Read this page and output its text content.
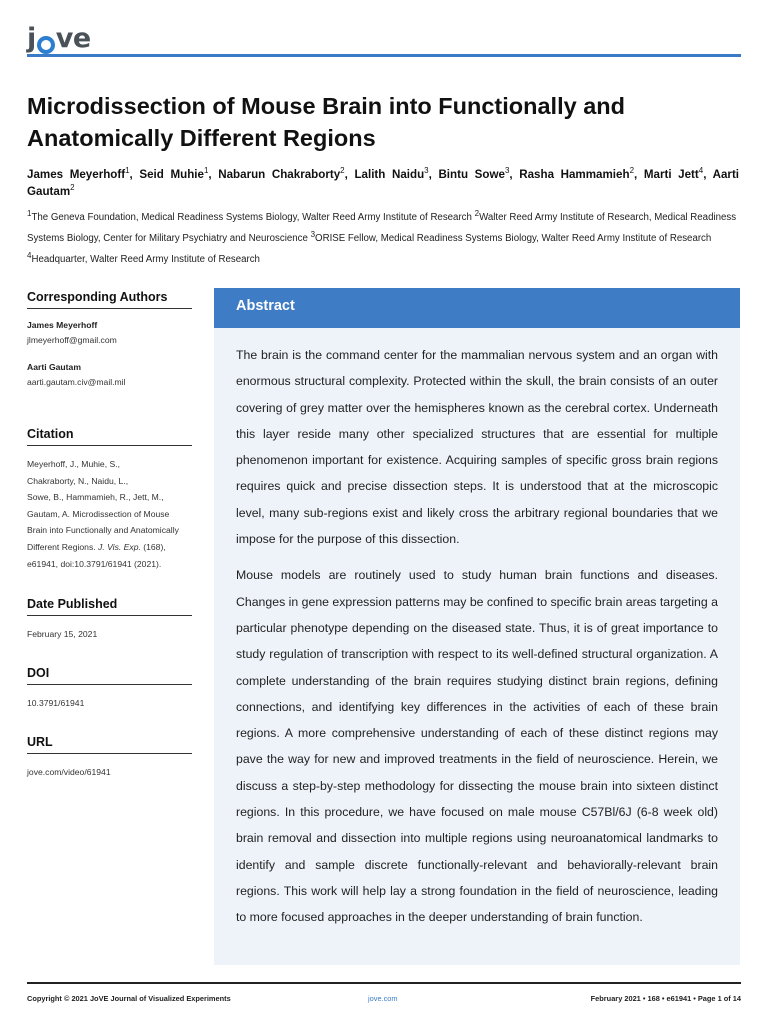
j ve
Microdissection of Mouse Brain into Functionally and Anatomically Different Regions
James Meyerhoff$^1$, Seid Muhie$^1$, Nabarun Chakraborty$^2$, Lalith Naidu$^3$, Bintu Sowe$^3$, Rasha Hammamieh$^2$, Marti Jett$^4$, Aarti Gautam$^2$
$^1$The Geneva Foundation, Medical Readiness Systems Biology, Walter Reed Army Institute of Research $^2$Walter Reed Army Institute of Research, Medical Readiness Systems Biology, Center for Military Psychiatry and Neuroscience $^3$ORISE Fellow, Medical Readiness Systems Biology, Walter Reed Army Institute of Research $^4$Headquarter, Walter Reed Army Institute of Research
Corresponding Authors
James Meyerhoff
jlmeyerhoff@gmail.com
Aarti Gautam
aarti.gautam.civ@mail.mil
Citation
Meyerhoff, J., Muhie, S.,
Chakraborty, N., Naidu, L.,
Sowe, B., Hammamieh, R., Jett, M.,
Gautam, A. Microdissection of Mouse
Brain into Functionally and Anatomically
Different Regions. J. Vis. Exp. (168),
e61941, doi:10.3791/61941 (2021).
Date Published
February 15, 2021
DOI
10.3791/61941
URL
jove.com/video/61941
Abstract

The brain is the command center for the mammalian nervous system and an organ with enormous structural complexity. Protected within the skull, the brain consists of an outer covering of grey matter over the hemispheres known as the cerebral cortex. Underneath this layer reside many other specialized structures that are essential for multiple phenomenon important for existence. Acquiring samples of specific gross brain regions requires quick and precise dissection steps. It is understood that at the microscopic level, many sub-regions exist and likely cross the arbitrary regional boundaries that we impose for the purpose of this dissection.

Mouse models are routinely used to study human brain functions and diseases. Changes in gene expression patterns may be confined to specific brain areas targeting a particular phenotype depending on the diseased state. Thus, it is of great importance to study regulation of transcription with respect to its well-defined structural organization. A complete understanding of the brain requires studying distinct brain regions, defining connections, and identifying key differences in the activities of each of these brain regions. A more comprehensive understanding of each of these distinct regions may pave the way for new and improved treatments in the field of neuroscience. Herein, we discuss a step-by-step methodology for dissecting the mouse brain into sixteen distinct regions. In this procedure, we have focused on male mouse C57Bl/6J (6-8 week old) brain removal and dissection into multiple regions using neuroanatomical landmarks to identify and sample discrete functionally-relevant and behaviorally-relevant brain regions. This work will help lay a strong foundation in the field of neuroscience, leading to more focused approaches in the deeper understanding of brain function.

Copyright © 2021 JoVE Journal of Visualized Experiments	jove.com	February 2021 • 168 • e61941 • Page 1 of 14
